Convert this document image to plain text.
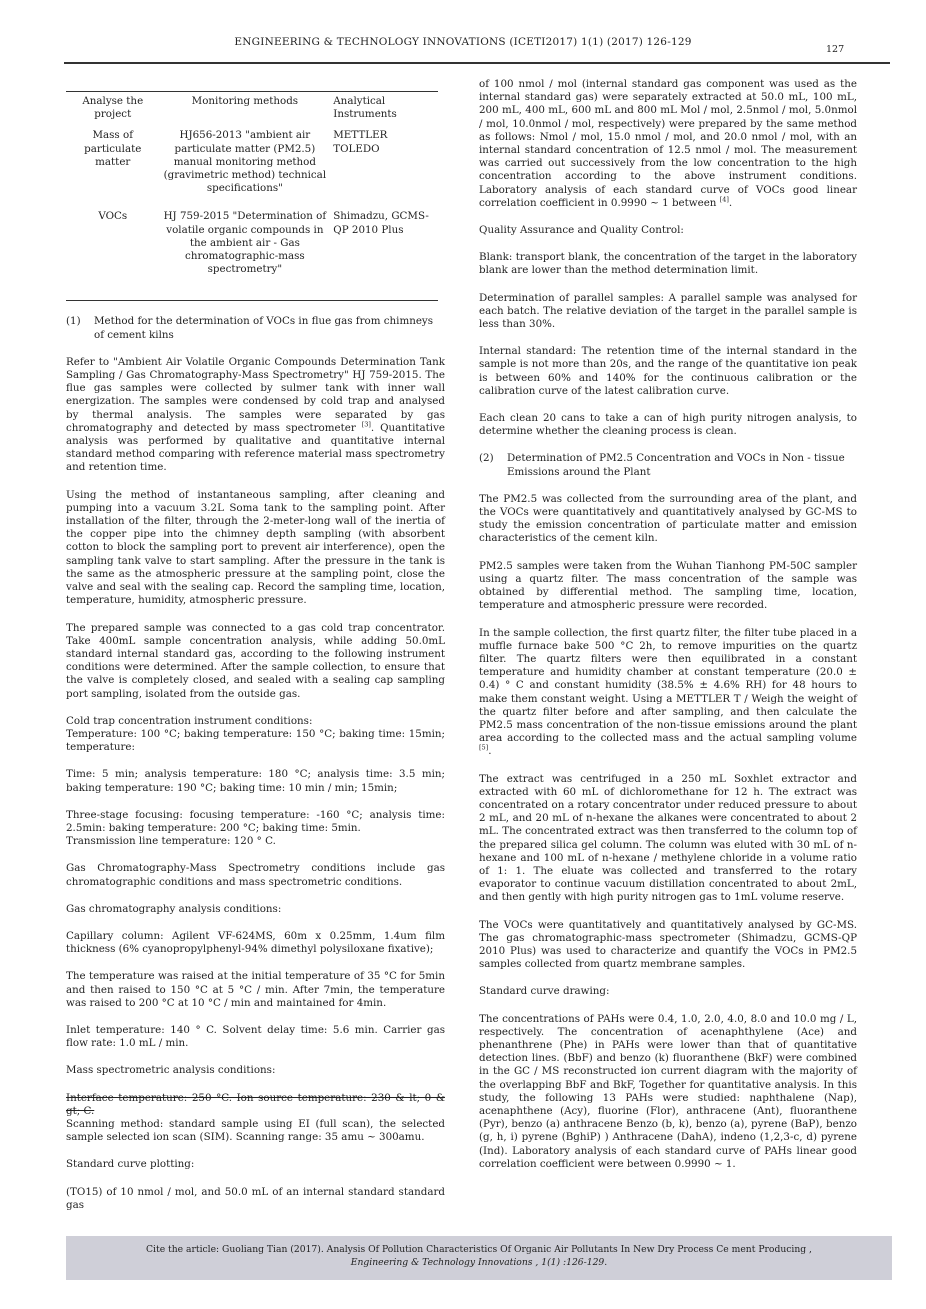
ENGINEERING & TECHNOLOGY INNOVATIONS (ICETI2017) 1(1) (2017) 126-129
127
Analyse the project	Monitoring methods	Analytical Instruments
Mass of particulate matter	HJ656-2013 "ambient air particulate matter (PM2.5) manual monitoring method (gravimetric method) technical specifications"	METTLER TOLEDO
VOCs	HJ 759-2015 "Determination of volatile organic compounds in the ambient air - Gas chromatographic-mass spectrometry"	Shimadzu, GCMS-QP 2010 Plus
(1)	Method for the determination of VOCs in flue gas from chimneys of cement kilns

Refer to "Ambient Air Volatile Organic Compounds Determination Tank Sampling / Gas Chromatography-Mass Spectrometry" HJ 759-2015. The flue gas samples were collected by sulmer tank with inner wall energization. The samples were condensed by cold trap and analysed by thermal analysis. The samples were separated by gas chromatography and detected by mass spectrometer [3]. Quantitative analysis was performed by qualitative and quantitative internal standard method comparing with reference material mass spectrometry and retention time.

Using the method of instantaneous sampling, after cleaning and pumping into a vacuum 3.2L Soma tank to the sampling point. After installation of the filter, through the 2-meter-long wall of the inertia of the copper pipe into the chimney depth sampling (with absorbent cotton to block the sampling port to prevent air interference), open the sampling tank valve to start sampling. After the pressure in the tank is the same as the atmospheric pressure at the sampling point, close the valve and seal with the sealing cap. Record the sampling time, location, temperature, humidity, atmospheric pressure.

The prepared sample was connected to a gas cold trap concentrator. Take 400mL sample concentration analysis, while adding 50.0mL standard internal standard gas, according to the following instrument conditions were determined. After the sample collection, to ensure that the valve is completely closed, and sealed with a sealing cap sampling port sampling, isolated from the outside gas.

Cold trap concentration instrument conditions:
Temperature: 100 °C; baking temperature: 150 °C; baking time: 15min; temperature:

Time: 5 min; analysis temperature: 180 °C; analysis time: 3.5 min; baking temperature: 190 °C; baking time: 10 min / min; 15min;

Three-stage focusing: focusing temperature: -160 °C; analysis time: 2.5min: baking temperature: 200 °C; baking time: 5min.
Transmission line temperature: 120 ° C.

Gas Chromatography-Mass Spectrometry conditions include gas chromatographic conditions and mass spectrometric conditions.

Gas chromatography analysis conditions:

Capillary column: Agilent VF-624MS, 60m x 0.25mm, 1.4um film thickness (6% cyanopropylphenyl-94% dimethyl polysiloxane fixative);

The temperature was raised at the initial temperature of 35 °C for 5min and then raised to 150 °C at 5 °C / min. After 7min, the temperature was raised to 200 °C at 10 °C / min and maintained for 4min.

Inlet temperature: 140 ° C. Solvent delay time: 5.6 min. Carrier gas flow rate: 1.0 mL / min.

Mass spectrometric analysis conditions:

Interface temperature: 250 °C. Ion source temperature: 230 & lt; 0 & gt; C.
Scanning method: standard sample using EI (full scan), the selected sample selected ion scan (SIM). Scanning range: 35 amu ~ 300amu.

Standard curve plotting:

(TO15) of 10 nmol / mol, and 50.0 mL of an internal standard standard gas

of 100 nmol / mol (internal standard gas component was used as the internal standard gas) were separately extracted at 50.0 mL, 100 mL, 200 mL, 400 mL, 600 mL and 800 mL Mol / mol, 2.5nmol / mol, 5.0nmol / mol, 10.0nmol / mol, respectively) were prepared by the same method as follows: Nmol / mol, 15.0 nmol / mol, and 20.0 nmol / mol, with an internal standard concentration of 12.5 nmol / mol. The measurement was carried out successively from the low concentration to the high concentration according to the above instrument conditions. Laboratory analysis of each standard curve of VOCs good linear correlation coefficient in 0.9990 ~ 1 between [4].

Quality Assurance and Quality Control:

Blank: transport blank, the concentration of the target in the laboratory blank are lower than the method determination limit.

Determination of parallel samples: A parallel sample was analysed for each batch. The relative deviation of the target in the parallel sample is less than 30%.

Internal standard: The retention time of the internal standard in the sample is not more than 20s, and the range of the quantitative ion peak is between 60% and 140% for the continuous calibration or the calibration curve of the latest calibration curve.

Each clean 20 cans to take a can of high purity nitrogen analysis, to determine whether the cleaning process is clean.

(2)	Determination of PM2.5 Concentration and VOCs in Non - tissue Emissions around the Plant

The PM2.5 was collected from the surrounding area of the plant, and the VOCs were quantitatively and quantitatively analysed by GC-MS to study the emission concentration of particulate matter and emission characteristics of the cement kiln.

PM2.5 samples were taken from the Wuhan Tianhong PM-50C sampler using a quartz filter. The mass concentration of the sample was obtained by differential method. The sampling time, location, temperature and atmospheric pressure were recorded.

In the sample collection, the first quartz filter, the filter tube placed in a muffle furnace bake 500 °C 2h, to remove impurities on the quartz filter. The quartz filters were then equilibrated in a constant temperature and humidity chamber at constant temperature (20.0 ± 0.4) ° C and constant humidity (38.5% ± 4.6% RH) for 48 hours to make them constant weight. Using a METTLER T / Weigh the weight of the quartz filter before and after sampling, and then calculate the PM2.5 mass concentration of the non-tissue emissions around the plant area according to the collected mass and the actual sampling volume [5].

The extract was centrifuged in a 250 mL Soxhlet extractor and extracted with 60 mL of dichloromethane for 12 h. The extract was concentrated on a rotary concentrator under reduced pressure to about 2 mL, and 20 mL of n-hexane the alkanes were concentrated to about 2 mL. The concentrated extract was then transferred to the column top of the prepared silica gel column. The column was eluted with 30 mL of n-hexane and 100 mL of n-hexane / methylene chloride in a volume ratio of 1: 1. The eluate was collected and transferred to the rotary evaporator to continue vacuum distillation concentrated to about 2mL, and then gently with high purity nitrogen gas to 1mL volume reserve.

The VOCs were quantitatively and quantitatively analysed by GC-MS. The gas chromatographic-mass spectrometer (Shimadzu, GCMS-QP 2010 Plus) was used to characterize and quantify the VOCs in PM2.5 samples collected from quartz membrane samples.

Standard curve drawing:

The concentrations of PAHs were 0.4, 1.0, 2.0, 4.0, 8.0 and 10.0 mg / L, respectively. The concentration of acenaphthylene (Ace) and phenanthrene (Phe) in PAHs were lower than that of quantitative detection lines. (BbF) and benzo (k) fluoranthene (BkF) were combined in the GC / MS reconstructed ion current diagram with the majority of the overlapping BbF and BkF, Together for quantitative analysis. In this study, the following 13 PAHs were studied: naphthalene (Nap), acenaphthene (Acy), fluorine (Flor), anthracene (Ant), fluoranthene (Pyr), benzo (a) anthracene Benzo (b, k), benzo (a), pyrene (BaP), benzo (g, h, i) pyrene (BghiP) ) Anthracene (DahA), indeno (1,2,3-c, d) pyrene (Ind). Laboratory analysis of each standard curve of PAHs linear good correlation coefficient were between 0.9990 ~ 1.

Cite the article: Guoliang Tian (2017). Analysis Of Pollution Characteristics Of Organic Air Pollutants In New Dry Process Ce ment Producing ,
Engineering & Technology Innovations , 1(1) :126-129.
